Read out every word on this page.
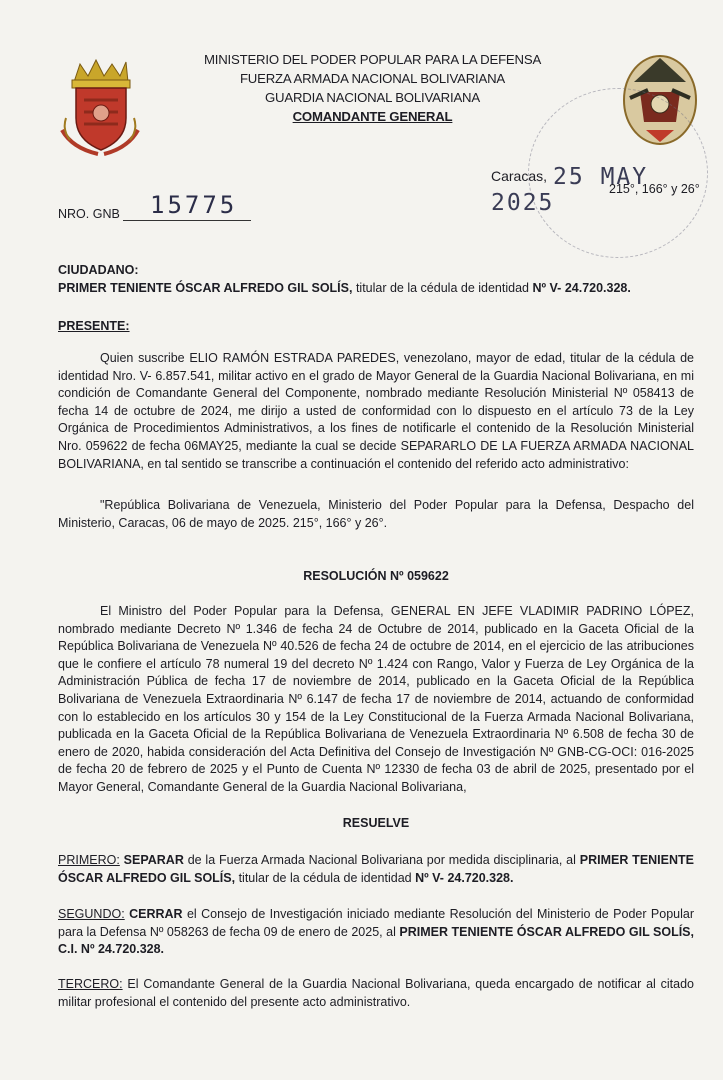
MINISTERIO DEL PODER POPULAR PARA LA DEFENSA
FUERZA ARMADA NACIONAL BOLIVARIANA
GUARDIA NACIONAL BOLIVARIANA
COMANDANTE GENERAL
Caracas, 25 MAY 2025
215°, 166° y 26°
NRO. GNB	15775
CIUDADANO:
PRIMER TENIENTE ÓSCAR ALFREDO GIL SOLÍS, titular de la cédula de identidad Nº V- 24.720.328.
PRESENTE:
Quien suscribe ELIO RAMÓN ESTRADA PAREDES, venezolano, mayor de edad, titular de la cédula de identidad Nro. V- 6.857.541, militar activo en el grado de Mayor General de la Guardia Nacional Bolivariana, en mi condición de Comandante General del Componente, nombrado mediante Resolución Ministerial Nº 058413 de fecha 14 de octubre de 2024, me dirijo a usted de conformidad con lo dispuesto en el artículo 73 de la Ley Orgánica de Procedimientos Administrativos, a los fines de notificarle el contenido de la Resolución Ministerial Nro. 059622 de fecha 06MAY25, mediante la cual se decide SEPARARLO DE LA FUERZA ARMADA NACIONAL BOLIVARIANA, en tal sentido se transcribe a continuación el contenido del referido acto administrativo:
"República Bolivariana de Venezuela, Ministerio del Poder Popular para la Defensa, Despacho del Ministerio, Caracas, 06 de mayo de 2025. 215°, 166° y 26°.
RESOLUCIÓN Nº 059622
El Ministro del Poder Popular para la Defensa, GENERAL EN JEFE VLADIMIR PADRINO LÓPEZ, nombrado mediante Decreto Nº 1.346 de fecha 24 de Octubre de 2014, publicado en la Gaceta Oficial de la República Bolivariana de Venezuela Nº 40.526 de fecha 24 de octubre de 2014, en el ejercicio de las atribuciones que le confiere el artículo 78 numeral 19 del decreto Nº 1.424 con Rango, Valor y Fuerza de Ley Orgánica de la Administración Pública de fecha 17 de noviembre de 2014, publicado en la Gaceta Oficial de la República Bolivariana de Venezuela Extraordinaria Nº 6.147 de fecha 17 de noviembre de 2014, actuando de conformidad con lo establecido en los artículos 30 y 154 de la Ley Constitucional de la Fuerza Armada Nacional Bolivariana, publicada en la Gaceta Oficial de la República Bolivariana de Venezuela Extraordinaria Nº 6.508 de fecha 30 de enero de 2020, habida consideración del Acta Definitiva del Consejo de Investigación Nº GNB-CG-OCI: 016-2025 de fecha 20 de febrero de 2025 y el Punto de Cuenta Nº 12330 de fecha 03 de abril de 2025, presentado por el Mayor General, Comandante General de la Guardia Nacional Bolivariana,
RESUELVE
PRIMERO: SEPARAR de la Fuerza Armada Nacional Bolivariana por medida disciplinaria, al PRIMER TENIENTE ÓSCAR ALFREDO GIL SOLÍS, titular de la cédula de identidad Nº V- 24.720.328.
SEGUNDO: CERRAR el Consejo de Investigación iniciado mediante Resolución del Ministerio de Poder Popular para la Defensa Nº 058263 de fecha 09 de enero de 2025, al PRIMER TENIENTE ÓSCAR ALFREDO GIL SOLÍS, C.I. Nº 24.720.328.
TERCERO: El Comandante General de la Guardia Nacional Bolivariana, queda encargado de notificar al citado militar profesional el contenido del presente acto administrativo.
